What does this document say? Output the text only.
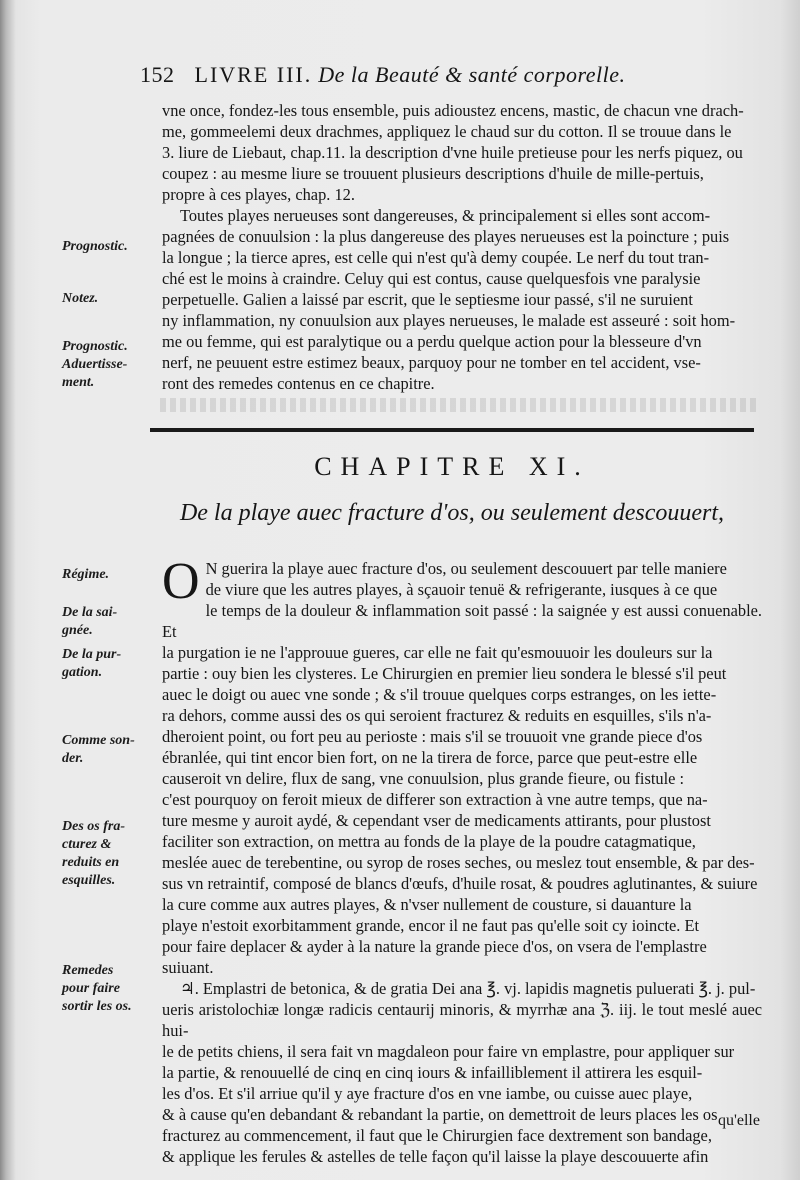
152 LIVRE III. De la Beauté & santé corporelle.
vne once, fondez-les tous ensemble, puis adioustez encens, mastic, de chacun vne drach-
me, gommeelemi deux drachmes, appliquez le chaud sur du cotton. Il se trouue dans le
3. liure de Liebaut, chap.11. la description d'vne huile pretieuse pour les nerfs piquez, ou
coupez : au mesme liure se trouuent plusieurs descriptions d'huile de mille-pertuis,
propre à ces playes, chap. 12.
Toutes playes nerueuses sont dangereuses, & principalement si elles sont accom-
pagnées de conuulsion : la plus dangereuse des playes nerueuses est la poincture ; puis
la longue ; la tierce apres, est celle qui n'est qu'à demy coupée. Le nerf du tout tran-
ché est le moins à craindre. Celuy qui est contus, cause quelquesfois vne paralysie
perpetuelle. Galien a laissé par escrit, que le septiesme iour passé, s'il ne suruient
ny inflammation, ny conuulsion aux playes nerueuses, le malade est asseuré : soit hom-
me ou femme, qui est paralytique ou a perdu quelque action pour la blesseure d'vn
nerf, ne peuuent estre estimez beaux, parquoy pour ne tomber en tel accident, vse-
ront des remedes contenus en ce chapitre.
Prognostic.
Notez.
Prognostic.
Aduertisse-
ment.
CHAPITRE XI.
De la playe auec fracture d'os, ou seulement descouuert,
O N guerira la playe auec fracture d'os, ou seulement descouuert par telle maniere
de viure que les autres playes, à sçauoir tenuë & refrigerante, iusques à ce que
le temps de la douleur & inflammation soit passé : la saignée y est aussi conuenable. Et
la purgation ie ne l'approuue gueres, car elle ne fait qu'esmouuoir les douleurs sur la
partie : ouy bien les clysteres. Le Chirurgien en premier lieu sondera le blessé s'il peut
auec le doigt ou auec vne sonde ; & s'il trouue quelques corps estranges, on les iette-
ra dehors, comme aussi des os qui seroient fracturez & reduits en esquilles, s'ils n'a-
dheroient point, ou fort peu au perioste : mais s'il se trouuoit vne grande piece d'os
ébranlée, qui tint encor bien fort, on ne la tirera de force, parce que peut-estre elle
causeroit vn delire, flux de sang, vne conuulsion, plus grande fieure, ou fistule :
c'est pourquoy on feroit mieux de differer son extraction à vne autre temps, que na-
ture mesme y auroit aydé, & cependant vser de medicaments attirants, pour plustost
faciliter son extraction, on mettra au fonds de la playe de la poudre catagmatique,
meslée auec de terebentine, ou syrop de roses seches, ou meslez tout ensemble, & par des-
sus vn retraintif, composé de blancs d'œufs, d'huile rosat, & poudres aglutinantes, & suiure
la cure comme aux autres playes, & n'vser nullement de cousture, si dauanture la
playe n'estoit exorbitamment grande, encor il ne faut pas qu'elle soit cy ioincte. Et
pour faire deplacer & ayder à la nature la grande piece d'os, on vsera de l'emplastre
suiuant.
♃. Emplastri de betonica, & de gratia Dei ana ℥. vj. lapidis magnetis puluerati ℥. j. pul-
ueris aristolochiæ longæ radicis centaurij minoris, & myrrhæ ana ℨ. iij. le tout meslé auec hui-
le de petits chiens, il sera fait vn magdaleon pour faire vn emplastre, pour appliquer sur
la partie, & renouuellé de cinq en cinq iours & infailliblement il attirera les esquil-
les d'os. Et s'il arriue qu'il y aye fracture d'os en vne iambe, ou cuisse auec playe,
& à cause qu'en debandant & rebandant la partie, on demettroit de leurs places les os
fracturez au commencement, il faut que le Chirurgien face dextrement son bandage,
& applique les ferules & astelles de telle façon qu'il laisse la playe descouuerte afin
Régime.
De la sai-
gnée.
De la pur-
gation.
Comme son-
der.
Des os fra-
cturez &
reduits en
esquilles.
Remedes
pour faire
sortir les os.
qu'elle
